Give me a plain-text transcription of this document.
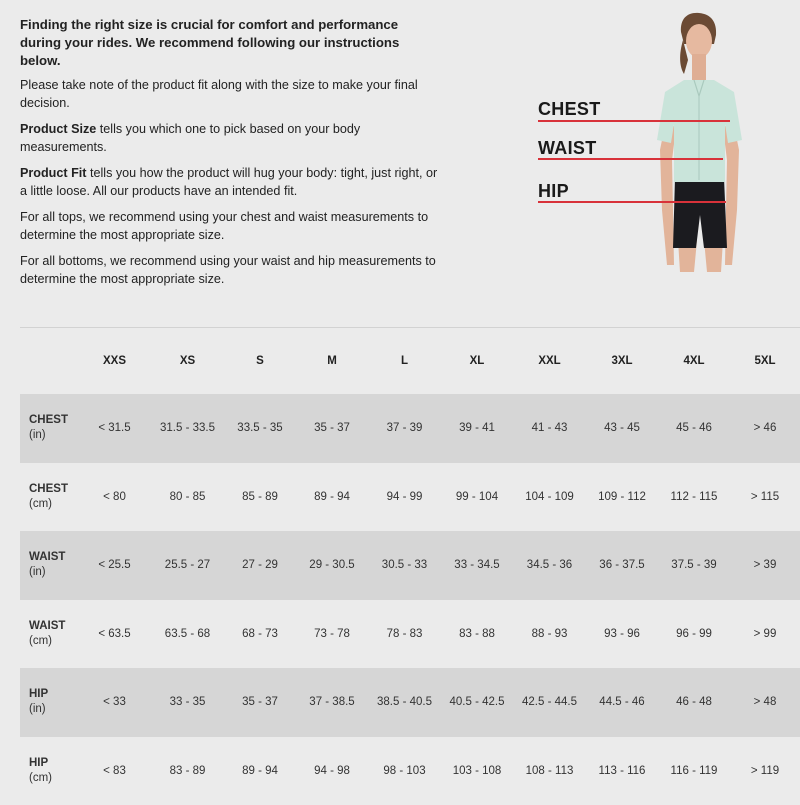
Finding the right size is crucial for comfort and performance during your rides. We recommend following our instructions below.

Please take note of the product fit along with the size to make your final decision.

Product Size tells you which one to pick based on your body measurements.

Product Fit tells you how the product will hug your body: tight, just right, or a little loose. All our products have an intended fit.

For all tops, we recommend using your chest and waist measurements to determine the most appropriate size.

For all bottoms, we recommend using your waist and hip measurements to determine the most appropriate size.

CHEST
WAIST
HIP
	XXS	XS	S	M	L	XL	XXL	3XL	4XL	5XL

CHEST
(in)	< 31.5	31.5 - 33.5	33.5 - 35	35 - 37	37 - 39	39 - 41	41 - 43	43 - 45	45 - 46	> 46

CHEST
(cm)	< 80	80 - 85	85 - 89	89 - 94	94 - 99	99 - 104	104 - 109	109 - 112	112 - 115	> 115

WAIST
(in)	< 25.5	25.5 - 27	27 - 29	29 - 30.5	30.5 - 33	33 - 34.5	34.5 - 36	36 - 37.5	37.5 - 39	> 39

WAIST
(cm)	< 63.5	63.5 - 68	68 - 73	73 - 78	78 - 83	83 - 88	88 - 93	93 - 96	96 - 99	> 99

HIP
(in)	< 33	33 - 35	35 - 37	37 - 38.5	38.5 - 40.5	40.5 - 42.5	42.5 - 44.5	44.5 - 46	46 - 48	> 48

HIP
(cm)	< 83	83 - 89	89 - 94	94 - 98	98 - 103	103 - 108	108 - 113	113 - 116	116 - 119	> 119
